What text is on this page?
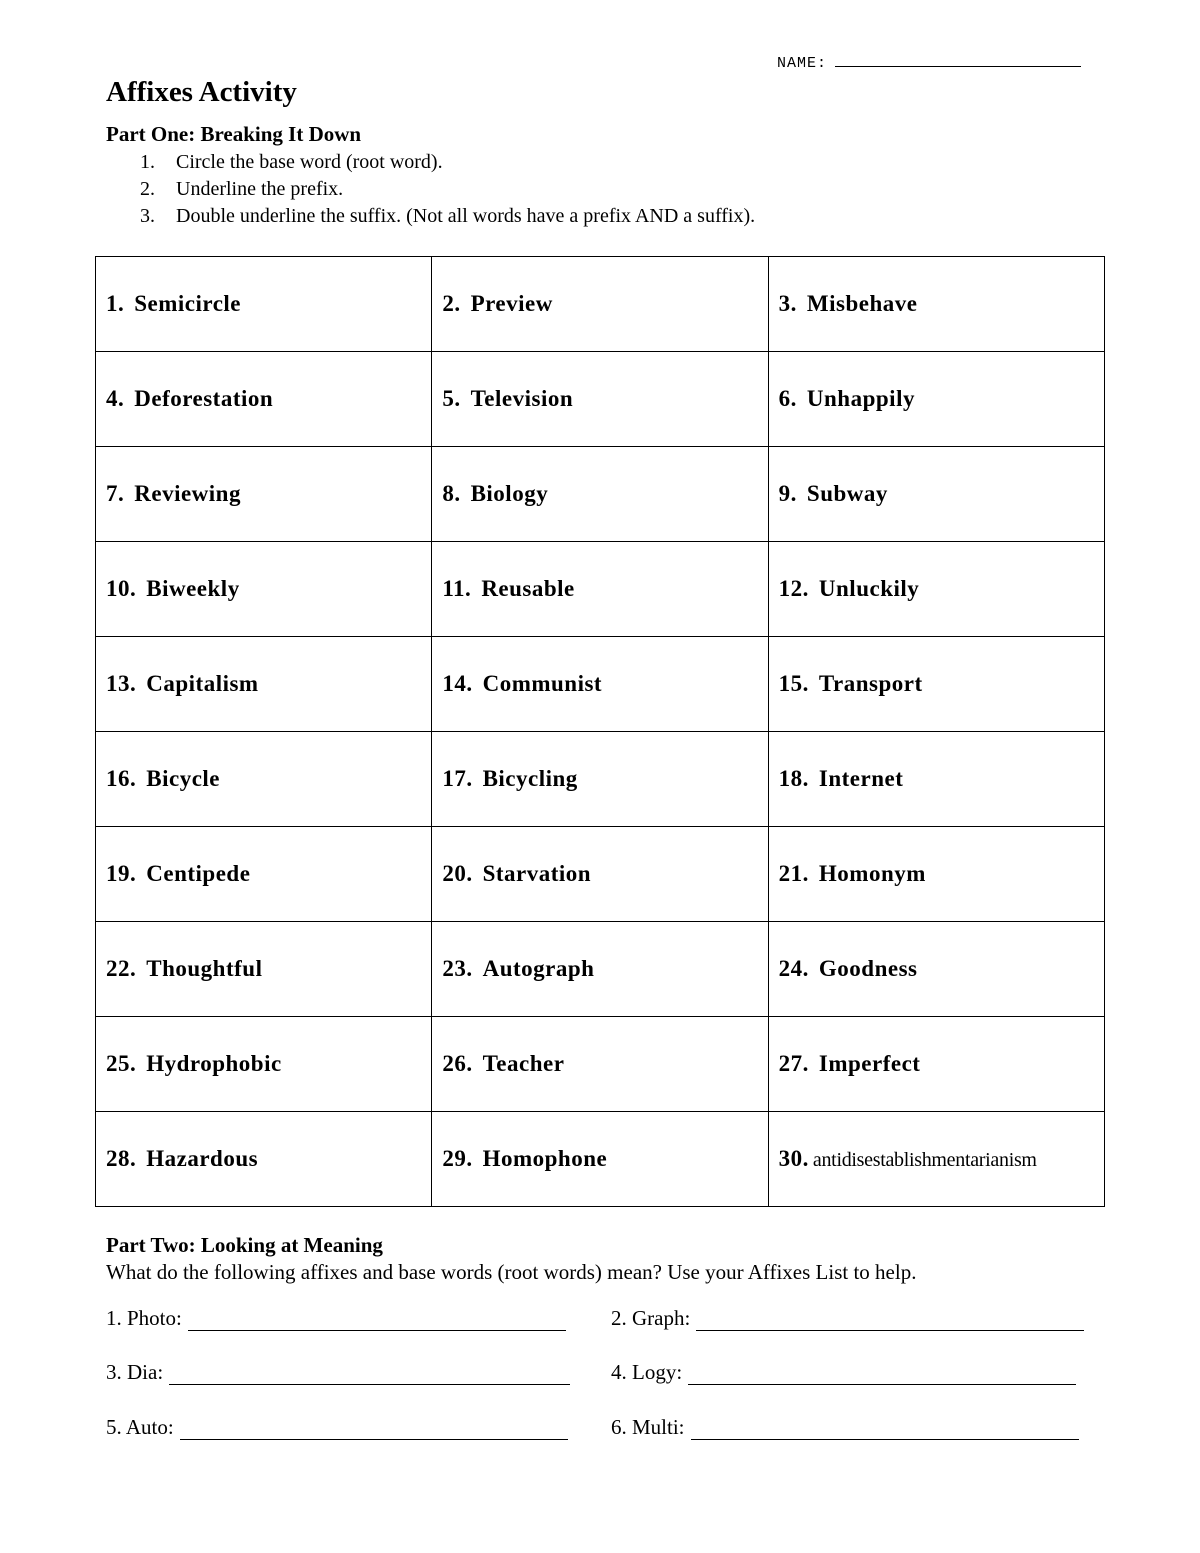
NAME:
Affixes Activity
Part One: Breaking It Down
1.	Circle the base word (root word).
2.	Underline the prefix.
3.	Double underline the suffix. (Not all words have a prefix AND a suffix).
1. Semicircle	2. Preview	3. Misbehave
4. Deforestation	5. Television	6. Unhappily
7. Reviewing	8. Biology	9. Subway
10. Biweekly	11. Reusable	12. Unluckily
13. Capitalism	14. Communist	15. Transport
16. Bicycle	17. Bicycling	18. Internet
19. Centipede	20. Starvation	21. Homonym
22. Thoughtful	23. Autograph	24. Goodness
25. Hydrophobic	26. Teacher	27. Imperfect
28. Hazardous	29. Homophone	30. antidisestablishmentarianism
Part Two: Looking at Meaning

What do the following affixes and base words (root words) mean? Use your Affixes List to help.

1. Photo:	2. Graph:
3. Dia:	4. Logy:
5. Auto:	6. Multi:
